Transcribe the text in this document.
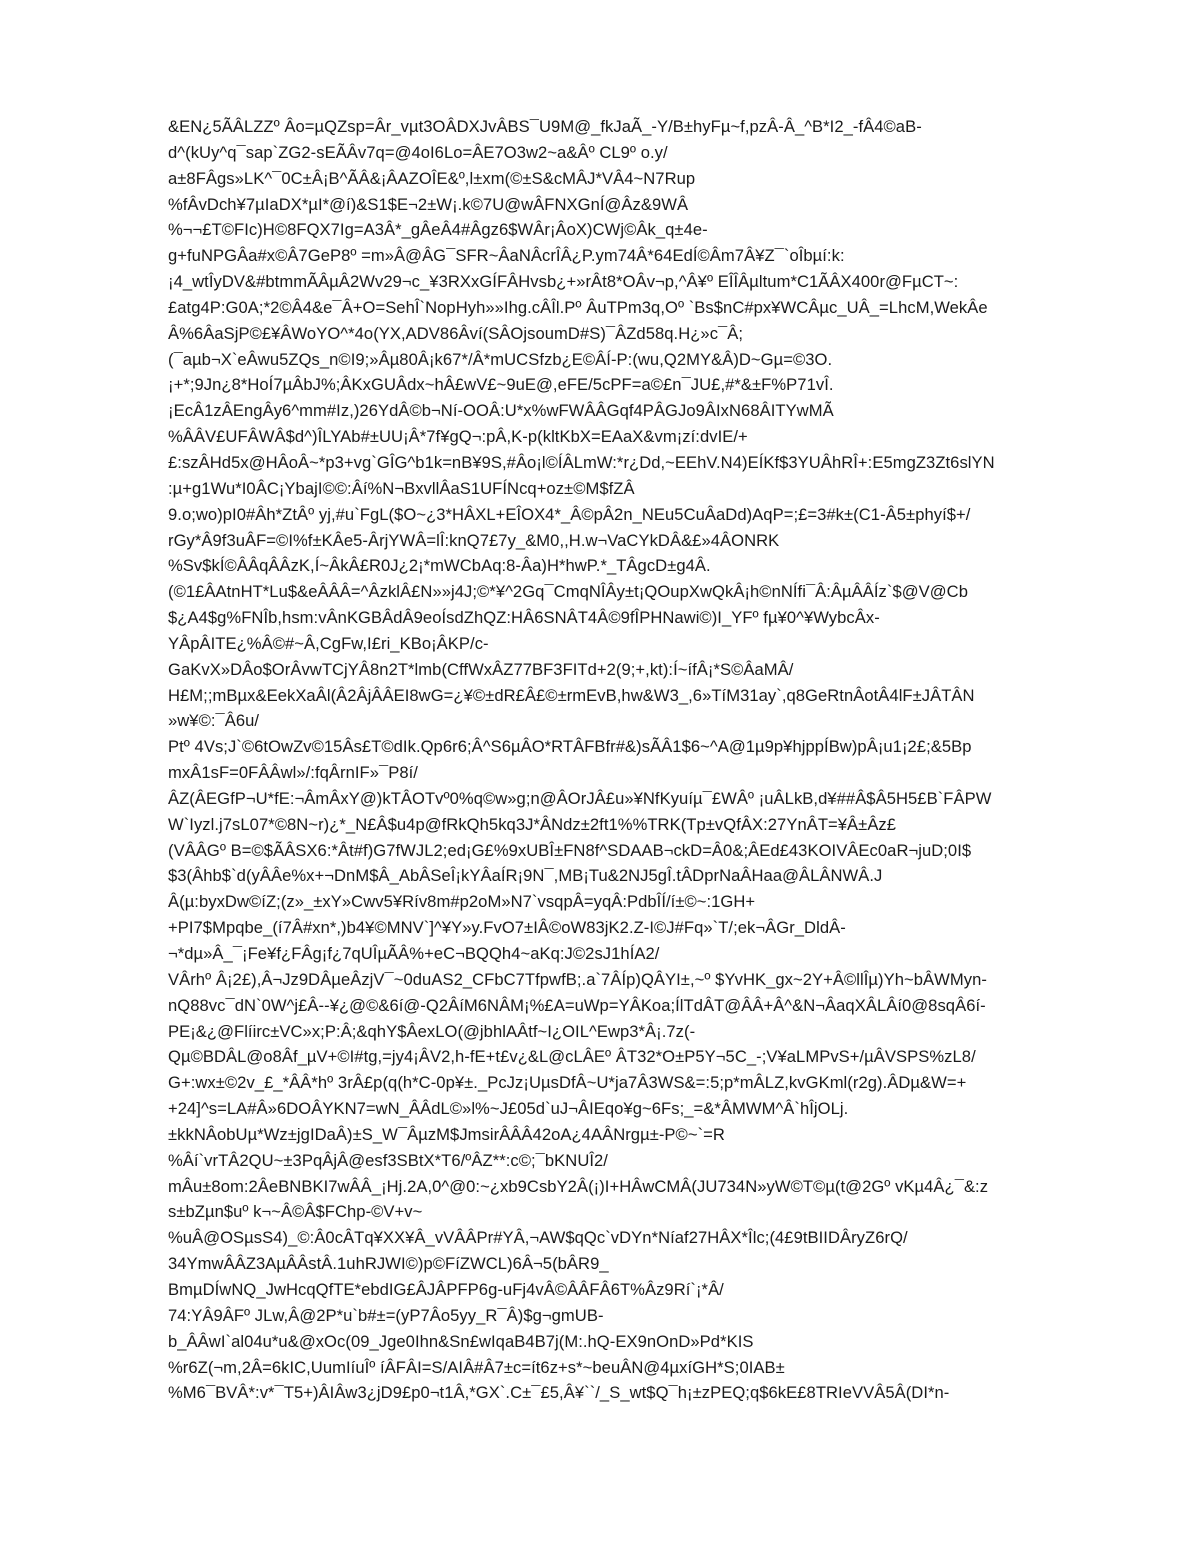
&EN¿5ÃÂLZZº Âo=µQZsp=Âr_vµt3OÂDXJvÂBS¯U9M@_fkJaÃ_-Y/B±hyFµ~f,pzÂ-Â_^B*I2_-fÂ4©aB-
d^(kUy^q¯sap`ZG2-sEÃÂv7q=@4oI6Lo=ÂE7O3w2~a&Âº CL9º o.y/
a±8FÂgs»LK^¯0C±Â¡B^ÃÂ&¡ÂAZOÎE&º,l±xm(©±S&cMÂJ*VÂ4~N7Rup
%fÂvDch¥7µIaDX*µI*@í)&S1$E¬2±W¡.k©7U@wÂFNXGnÍ@Âz&9WÂ
%¬¬£T©FIc)H©8FQX7Ig=A3Â*_gÂeÂ4#Âgz6$WÂr¡ÂoX)CWj©Âk_q±4e-
g+fuNPGÂa#x©Â7GeP8º =m»Â@ÂG¯SFR~ÂaNÂcrÎÂ¿P.ym74Â*64EdÍ©Âm7Â¥Z¯`oÎbµí:k:
¡4_wtÎyDV&#btmmÃÂµÂ2Wv29¬c_¥3RXxGÍFÂHvsb¿+»rÂt8*OÂv¬p,^Â¥º EÎÎÂµltum*C1ÃÂX400r@FµCT~:
£atg4P:G0A;*2©Â4&e¯Â+O=SehÎ`NopHyh»»Ihg.cÂÎl.Pº ÂuTPm3q,Oº `Bs$nC#px¥WCÂµc_UÂ_=LhcM,WekÂe
Â%6ÂaSjP©£¥ÂWoYO^*4o(YX,ADV86Âví(SÂOjsoumD#S)¯ÂZd58q.H¿»c¯Â;
(¯aµb¬X`eÂwu5ZQs_n©I9;»Âµ80Â¡k67*/Â*mUCSfzb¿E©ÂÍ-P:(wu,Q2MY&Â)D~Gµ=©3O.
¡+*;9Jn¿8*HoÍ7µÂbJ%;ÂKxGUÂdx~hÂ£wV£~9uE@,eFE/5cPF=a©£n¯JU£,#*&±F%P71vÎ.
¡EcÂ1zÂEngÂy6^mm#Iz,)26YdÂ©b¬Ní-OOÂ:U*x%wFWÂÂGqf4PÂGJo9ÂIxN68ÂITYwMÃ
%ÂÂV£UFÂWÂ$d^)ÎLYAb#±UU¡Â*7f¥gQ¬:pÂ,K-p(kltKbX=EAaX&vm¡zí:dvIE/+
£:szÂHd5x@HÂoÂ~*p3+vg`GÎG^b1k=nB¥9S,#Âo¡l©ÍÂLmW:*r¿Dd,~EEhV.N4)EÍKf$3YUÂhRÎ+:E5mgZ3Zt6slYN
:µ+g1Wu*I0ÂC¡YbajI©©:Âí%N¬BxvllÂaS1UFÍNcq+oz±©M$fZÂ
9.o;wo)pI0#Âh*ZtÂº yj,#u`FgL($O~¿3*HÂXL+EÎOX4*_Â©pÂ2n_NEu5CuÂaDd)AqP=;£=3#k±(C1-Â5±phyí$+/
rGy*Â9f3uÂF=©I%f±KÂe5-ÂrjYWÂ=lÎ:knQ7£7y_&M0,,H.w¬VaCYkDÂ&£»4ÂONRK
%Sv$kÍ©ÂÂqÂÂzK,Í~ÂkÂ£R0J¿2¡*mWCbAq:8-Âa)H*hwP.*_TÂgcD±g4Â.
(©1£ÂAtnHT*Lu$&eÂÂÂ=^ÂzklÂ£N»»j4J;©*¥^2Gq¯CmqNÎÂy±t¡QOupXwQkÂ¡h©nNÍfi¯Â:ÂµÂÂÍz`$@V@Cb
$¿A4$g%FNÎb,hsm:vÂnKGBÂdÂ9eoÍsdZhQZ:HÂ6SNÂT4Â©9fÎPHNawi©)I_YFº fµ¥0^¥WybcÂx-
YÂpÂITE¿%Â©#~Â,CgFw,I£ri_KBo¡ÂKP/c-
GaKvX»DÂo$OrÂvwTCjYÂ8n2T*lmb(CffWxÂZ77BF3FITd+2(9;+,kt):Í~ífÂ¡*S©ÂaMÂ/
H£M;;mBµx&EekXaÂl(Â2ÂjÂÂEI8wG=¿¥©±dR£Â£©±rmEvB,hw&W3_,6»TíM31ay`,q8GeRtnÂotÂ4lF±JÂTÂN
»w¥©:¯Â6u/
Ptº 4Vs;J`©6tOwZv©15Âs£T©dIk.Qp6r6;Â^S6µÂO*RTÂFBfr#&)sÃÂ1$6~^A@1µ9p¥hjppÍBw)pÂ¡u1¡2£;&5Bp
mxÂ1sF=0FÂÂwl»/:fqÂrnIF»¯P8í/
ÂZ(ÂEGfP¬U*fE:¬ÂmÂxY@)kTÂOTvº0%q©w»g;n@ÂOrJÂ£u»¥NfKyuíµ¯£WÂº ¡uÂLkB,d¥##Â$Â5H5£B`FÂPW
W`Iyzl.j7sL07*©8N~r)¿*_N£Â$u4p@fRkQh5kq3J*ÂNdz±2ft1%%TRK(Tp±vQfÂX:27YnÂT=¥Â±Âz£
(VÂÂGº B=©$ÃÂSX6:*Ât#f)G7fWJL2;ed¡G£%9xUBÎ±FN8f^SDAAB¬ckD=Â0&;ÂEd£43KOIVÂEc0aR¬juD;0I$
$3(Âhb$`d(yÂÂe%x+¬DnM$Â_AbÂSeÎ¡kYÂaÍR¡9N¯,MB¡Tu&2NJ5gÎ.tÂDprNaÂHaa@ÂLÂNWÂ.J
Â(µ:byxDw©íZ;(z»_±xY»Cwv5¥Rív8m#p2oM»N7`vsqpÂ=yqÂ:PdbÎÍ/í±©~:1GH+
+PI7$Mpqbe_(í7Â#xn*,)b4¥©MNV`]^¥Y»y.FvO7±IÂ©oW83jK2.Z-I©J#Fq»`T/;ek¬ÂGr_DldÂ-
¬*dµ»Â_¯¡Fe¥f¿FÂg¡f¿7qUÎµÃÂ%+eC¬BQQh4~aKq:J©2sJ1hÍA2/
VÂrhº Â¡2£),Â¬Jz9DÂµeÂzjV¯~0duAS2_CFbC7TfpwfB;.a`7ÂÍp)QÂYI±,~º $YvHK_gx~2Y+Â©llÎµ)Yh~bÂWMyn-
nQ88vc¯dN`0W^j£Â--¥¿@©&6í@-Q2ÂíM6NÂM¡%£A=uWp=YÂKoa;ÍlTdÂT@ÂÂ+Â^&N¬ÂaqXÂLÂí0@8sqÂ6í-
PE¡&¿@Flíirc±VC»x;P:Â;&qhY$ÂexLO(@jbhlAÂtf~I¿OIL^Ewp3*Â¡.7z(-
Qµ©BDÂL@o8Âf_µV+©I#tg,=jy4¡ÂV2,h-fE+t£v¿&L@cLÂEº ÂT32*O±P5Y¬5C_-;V¥aLMPvS+/µÂVSPS%zL8/
G+:wx±©2v_£_*ÂÂ*hº 3rÂ£p(q(h*C-0p¥±._PcJz¡UµsDfÂ~U*ja7Â3WS&=:5;p*mÂLZ,kvGKml(r2g).ÂDµ&W=+
+24]^s=LA#Â»6DOÂYKN7=wN_ÂÂdL©»l%~J£05d`uJ¬ÂIEqo¥g~6Fs;_=&*ÂMWM^Â`hÎjOLj.
±kkNÂobUµ*Wz±jgIDaÂ)±S_W¯ÂµzM$JmsirÂÂÂ42oA¿4AÂNrgµ±-P©~`=R
%Âí`vrTÂ2QU~±3PqÂjÂ@esf3SBtX*T6/ºÂZ**:c©;¯bKNUÎ2/
mÂu±8om:2ÂeBNBKI7wÂÂ_¡Hj.2A,0^@0:~¿xb9CsbY2Â(¡)I+HÂwCMÂ(JU734N»yW©T©µ(t@2Gº vKµ4Â¿¯&:z
s±bZµn$uº k¬~Â©Â$FChp-©V+v~
%uÂ@OSµsS4)_©:Â0cÂTq¥XX¥Â_vVÂÂPr#YÂ,¬AW$qQc`vDYn*Níaf27HÂX*Îlc;(4£9tBIIDÂryZ6rQ/
34YmwÂÂZ3AµÂÂstÂ.1uhRJWI©)p©FíZWCL)6Â¬5(bÂR9_
BmµDÍwNQ_JwHcqQfTE*ebdIG£ÂJÂPFP6g-uFj4vÂ©ÂÂFÂ6T%Âz9Rí`¡*Â/
74:YÂ9ÂFº JLw,Â@2P*u`b#±=(yP7Âo5yy_R¯Â)$g¬gmUB-
b_ÂÂwI`al04u*u&@xOc(09_Jge0Ihn&Sn£wIqaB4B7j(M:.hQ-EX9nOnD»Pd*KIS
%r6Z(¬m,2Â=6kIC,UumIíuÎº íÂFÂI=S/AIÂ#Â7±c=ít6z+s*~beuÂN@4µxíGH*S;0IAB±
%M6¯BVÂ*:v*¯T5+)ÂIÂw3¿jD9£p0¬t1Â,*GX`.C±¯£5,Â¥``/_S_wt$Q¯h¡±zPEQ;q$6kE£8TRIeVVÂ5Â(DI*n-
